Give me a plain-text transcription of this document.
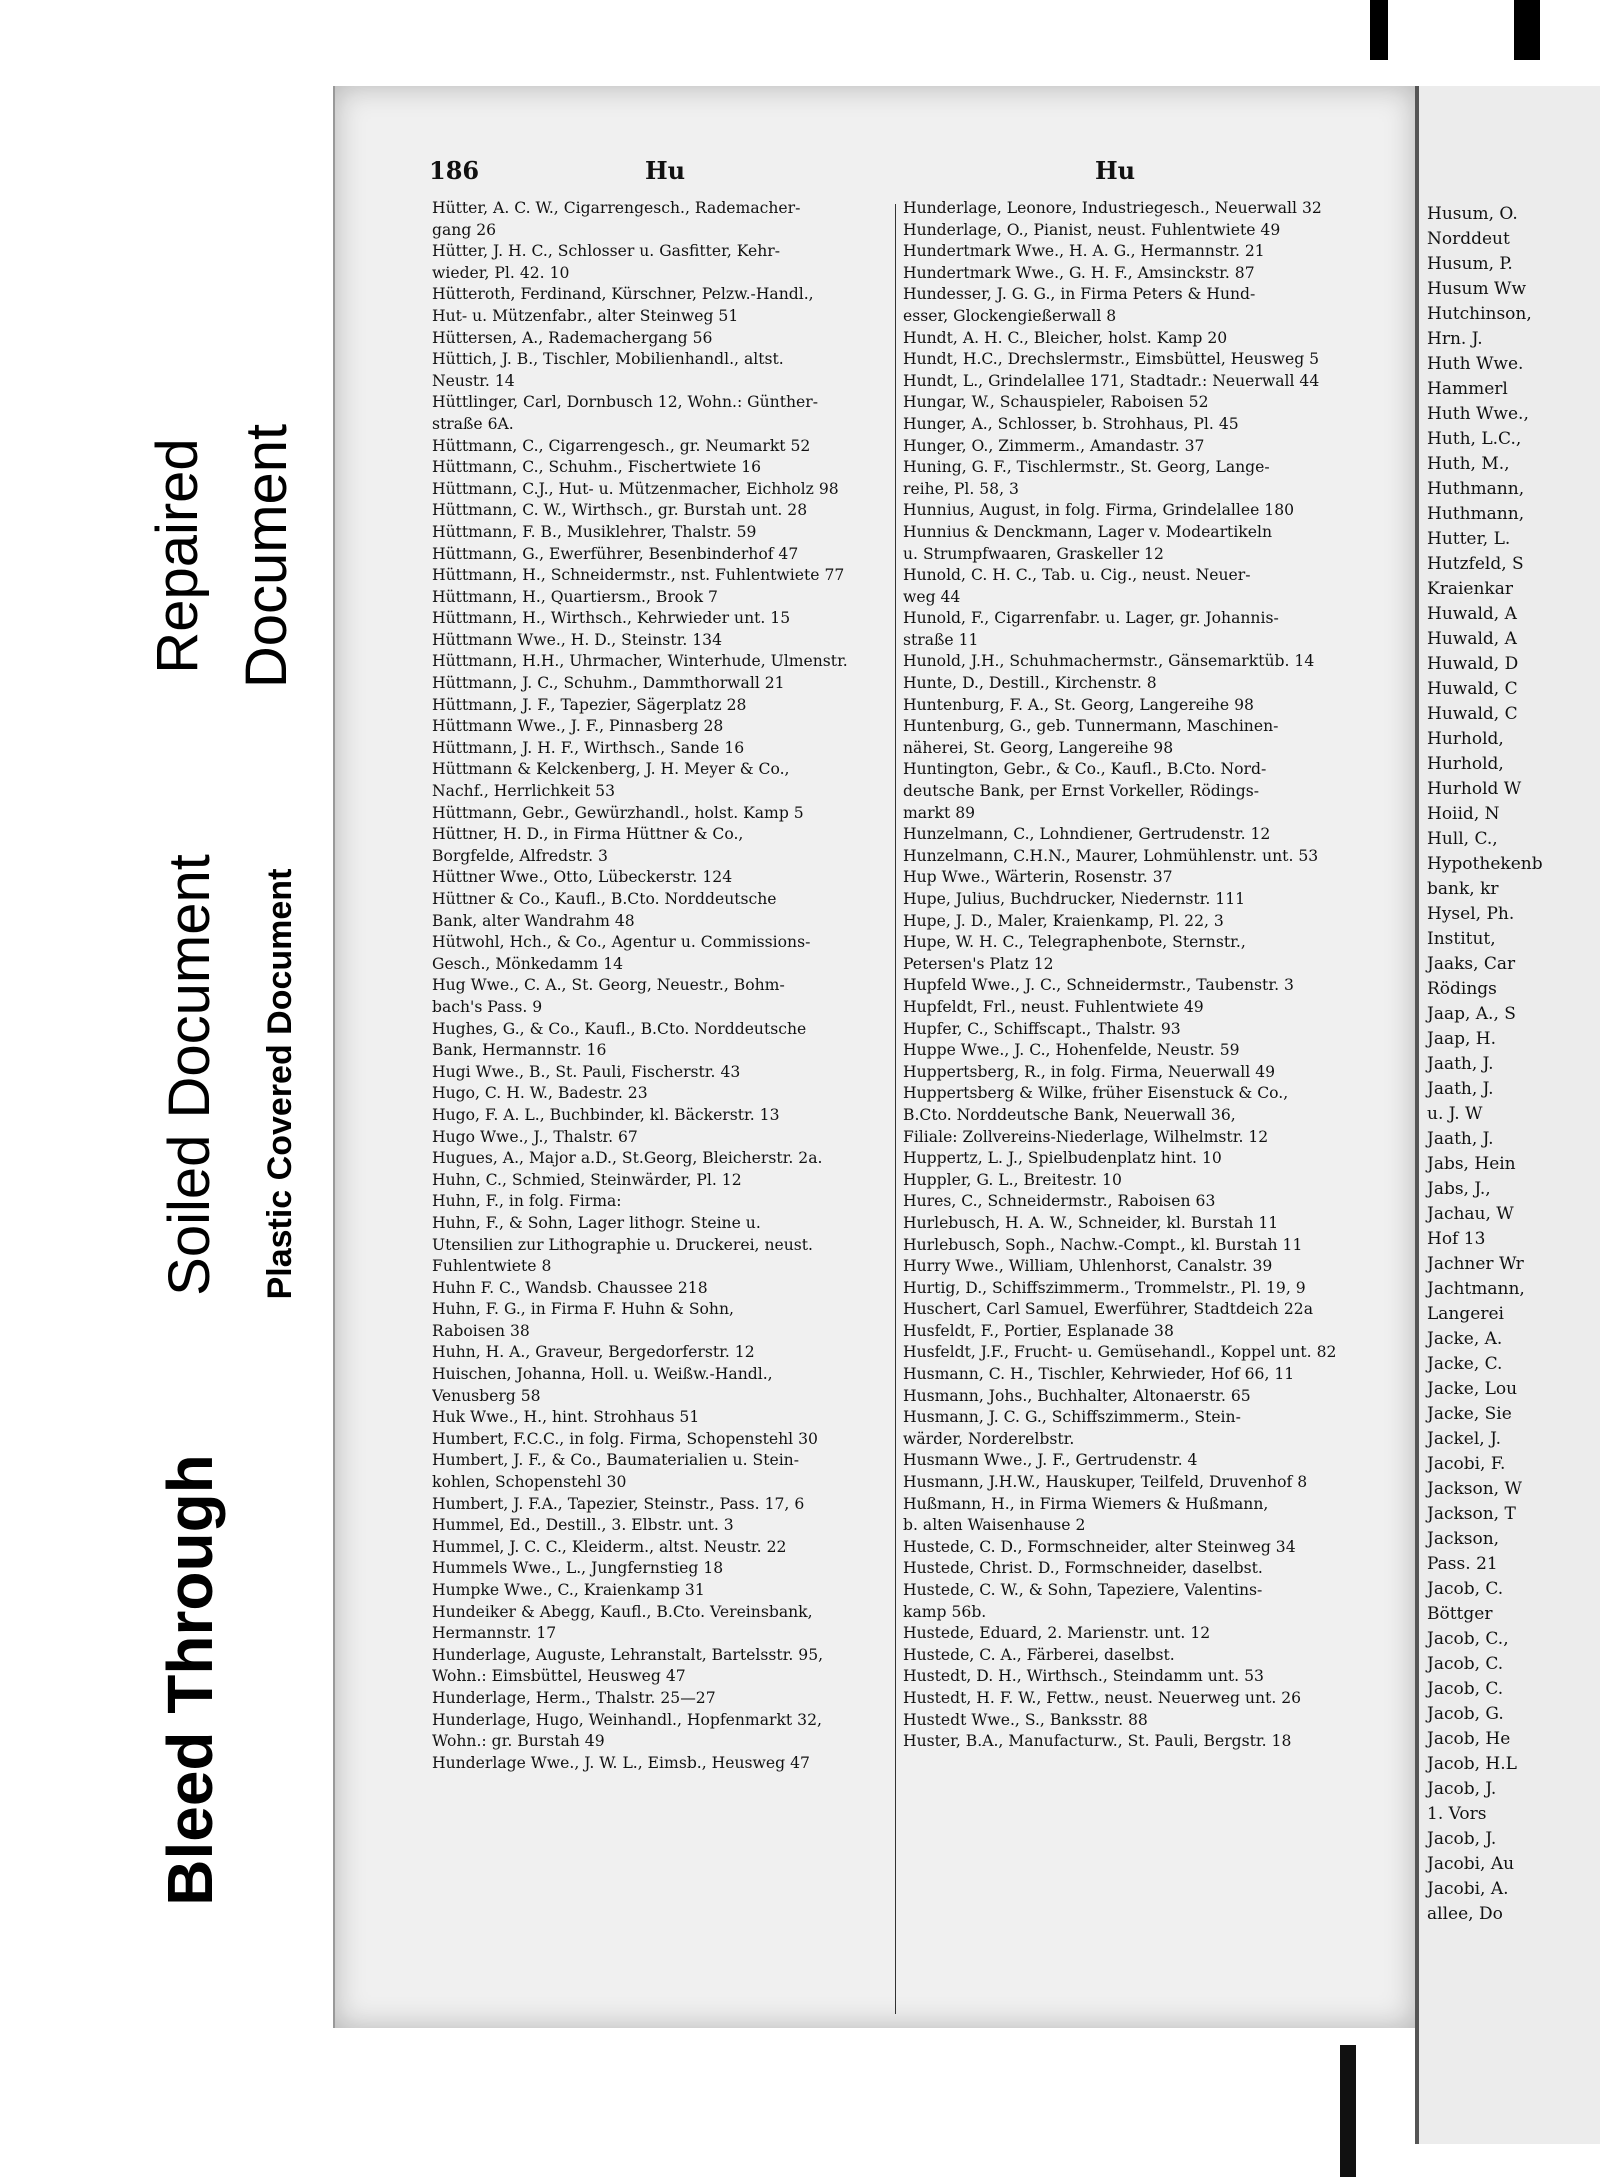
Bleed Through
Soiled Document Plastic Covered Document
Repaired Document
186	Hu	Hu
Hütter, A. C. W., Cigarrengesch., Rademacher-
gang 26
Hütter, J. H. C., Schlosser u. Gasfitter, Kehr-
wieder, Pl. 42. 10
Hütteroth, Ferdinand, Kürschner, Pelzw.-Handl.,
Hut- u. Mützenfabr., alter Steinweg 51
Hüttersen, A., Rademachergang 56
Hüttich, J. B., Tischler, Mobilienhandl., altst.
Neustr. 14
Hüttlinger, Carl, Dornbusch 12, Wohn.: Günther-
straße 6A.
Hüttmann, C., Cigarrengesch., gr. Neumarkt 52
Hüttmann, C., Schuhm., Fischertwiete 16
Hüttmann, C.J., Hut- u. Mützenmacher, Eichholz 98
Hüttmann, C. W., Wirthsch., gr. Burstah unt. 28
Hüttmann, F. B., Musiklehrer, Thalstr. 59
Hüttmann, G., Ewerführer, Besenbinderhof 47
Hüttmann, H., Schneidermstr., nst. Fuhlentwiete 77
Hüttmann, H., Quartiersm., Brook 7
Hüttmann, H., Wirthsch., Kehrwieder unt. 15
Hüttmann Wwe., H. D., Steinstr. 134
Hüttmann, H.H., Uhrmacher, Winterhude, Ulmenstr.
Hüttmann, J. C., Schuhm., Dammthorwall 21
Hüttmann, J. F., Tapezier, Sägerplatz 28
Hüttmann Wwe., J. F., Pinnasberg 28
Hüttmann, J. H. F., Wirthsch., Sande 16
Hüttmann & Kelckenberg, J. H. Meyer & Co.,
Nachf., Herrlichkeit 53
Hüttmann, Gebr., Gewürzhandl., holst. Kamp 5
Hüttner, H. D., in Firma Hüttner & Co.,
Borgfelde, Alfredstr. 3
Hüttner Wwe., Otto, Lübeckerstr. 124
Hüttner & Co., Kaufl., B.Cto. Norddeutsche
Bank, alter Wandrahm 48
Hütwohl, Hch., & Co., Agentur u. Commissions-
Gesch., Mönkedamm 14
Hug Wwe., C. A., St. Georg, Neuestr., Bohm-
bach's Pass. 9
Hughes, G., & Co., Kaufl., B.Cto. Norddeutsche
Bank, Hermannstr. 16
Hugi Wwe., B., St. Pauli, Fischerstr. 43
Hugo, C. H. W., Badestr. 23
Hugo, F. A. L., Buchbinder, kl. Bäckerstr. 13
Hugo Wwe., J., Thalstr. 67
Hugues, A., Major a.D., St.Georg, Bleicherstr. 2a.
Huhn, C., Schmied, Steinwärder, Pl. 12
Huhn, F., in folg. Firma:
Huhn, F., & Sohn, Lager lithogr. Steine u.
Utensilien zur Lithographie u. Druckerei, neust.
Fuhlentwiete 8
Huhn F. C., Wandsb. Chaussee 218
Huhn, F. G., in Firma F. Huhn & Sohn,
Raboisen 38
Huhn, H. A., Graveur, Bergedorferstr. 12
Huischen, Johanna, Holl. u. Weißw.-Handl.,
Venusberg 58
Huk Wwe., H., hint. Strohhaus 51
Humbert, F.C.C., in folg. Firma, Schopenstehl 30
Humbert, J. F., & Co., Baumaterialien u. Stein-
kohlen, Schopenstehl 30
Humbert, J. F.A., Tapezier, Steinstr., Pass. 17, 6
Hummel, Ed., Destill., 3. Elbstr. unt. 3
Hummel, J. C. C., Kleiderm., altst. Neustr. 22
Hummels Wwe., L., Jungfernstieg 18
Humpke Wwe., C., Kraienkamp 31
Hundeiker & Abegg, Kaufl., B.Cto. Vereinsbank,
Hermannstr. 17
Hunderlage, Auguste, Lehranstalt, Bartelsstr. 95,
Wohn.: Eimsbüttel, Heusweg 47
Hunderlage, Herm., Thalstr. 25—27
Hunderlage, Hugo, Weinhandl., Hopfenmarkt 32,
Wohn.: gr. Burstah 49
Hunderlage Wwe., J. W. L., Eimsb., Heusweg 47
Hunderlage, Leonore, Industriegesch., Neuerwall 32
Hunderlage, O., Pianist, neust. Fuhlentwiete 49
Hundertmark Wwe., H. A. G., Hermannstr. 21
Hundertmark Wwe., G. H. F., Amsinckstr. 87
Hundesser, J. G. G., in Firma Peters & Hund-
esser, Glockengießerwall 8
Hundt, A. H. C., Bleicher, holst. Kamp 20
Hundt, H.C., Drechslermstr., Eimsbüttel, Heusweg 5
Hundt, L., Grindelallee 171, Stadtadr.: Neuerwall 44
Hungar, W., Schauspieler, Raboisen 52
Hunger, A., Schlosser, b. Strohhaus, Pl. 45
Hunger, O., Zimmerm., Amandastr. 37
Huning, G. F., Tischlermstr., St. Georg, Lange-
reihe, Pl. 58, 3
Hunnius, August, in folg. Firma, Grindelallee 180
Hunnius & Denckmann, Lager v. Modeartikeln
u. Strumpfwaaren, Graskeller 12
Hunold, C. H. C., Tab. u. Cig., neust. Neuer-
weg 44
Hunold, F., Cigarrenfabr. u. Lager, gr. Johannis-
straße 11
Hunold, J.H., Schuhmachermstr., Gänsemarktüb. 14
Hunte, D., Destill., Kirchenstr. 8
Huntenburg, F. A., St. Georg, Langereihe 98
Huntenburg, G., geb. Tunnermann, Maschinen-
näherei, St. Georg, Langereihe 98
Huntington, Gebr., & Co., Kaufl., B.Cto. Nord-
deutsche Bank, per Ernst Vorkeller, Rödings-
markt 89
Hunzelmann, C., Lohndiener, Gertrudenstr. 12
Hunzelmann, C.H.N., Maurer, Lohmühlenstr. unt. 53
Hup Wwe., Wärterin, Rosenstr. 37
Hupe, Julius, Buchdrucker, Niedernstr. 111
Hupe, J. D., Maler, Kraienkamp, Pl. 22, 3
Hupe, W. H. C., Telegraphenbote, Sternstr.,
Petersen's Platz 12
Hupfeld Wwe., J. C., Schneidermstr., Taubenstr. 3
Hupfeldt, Frl., neust. Fuhlentwiete 49
Hupfer, C., Schiffscapt., Thalstr. 93
Huppe Wwe., J. C., Hohenfelde, Neustr. 59
Huppertsberg, R., in folg. Firma, Neuerwall 49
Huppertsberg & Wilke, früher Eisenstuck & Co.,
B.Cto. Norddeutsche Bank, Neuerwall 36,
Filiale: Zollvereins-Niederlage, Wilhelmstr. 12
Huppertz, L. J., Spielbudenplatz hint. 10
Huppler, G. L., Breitestr. 10
Hures, C., Schneidermstr., Raboisen 63
Hurlebusch, H. A. W., Schneider, kl. Burstah 11
Hurlebusch, Soph., Nachw.-Compt., kl. Burstah 11
Hurry Wwe., William, Uhlenhorst, Canalstr. 39
Hurtig, D., Schiffszimmerm., Trommelstr., Pl. 19, 9
Huschert, Carl Samuel, Ewerführer, Stadtdeich 22a
Husfeldt, F., Portier, Esplanade 38
Husfeldt, J.F., Frucht- u. Gemüsehandl., Koppel unt. 82
Husmann, C. H., Tischler, Kehrwieder, Hof 66, 11
Husmann, Johs., Buchhalter, Altonaerstr. 65
Husmann, J. C. G., Schiffszimmerm., Stein-
wärder, Norderelbstr.
Husmann Wwe., J. F., Gertrudenstr. 4
Husmann, J.H.W., Hauskuper, Teilfeld, Druvenhof 8
Hußmann, H., in Firma Wiemers & Hußmann,
b. alten Waisenhause 2
Hustede, C. D., Formschneider, alter Steinweg 34
Hustede, Christ. D., Formschneider, daselbst.
Hustede, C. W., & Sohn, Tapeziere, Valentins-
kamp 56b.
Hustede, Eduard, 2. Marienstr. unt. 12
Hustede, C. A., Färberei, daselbst.
Hustedt, D. H., Wirthsch., Steindamm unt. 53
Hustedt, H. F. W., Fettw., neust. Neuerweg unt. 26
Hustedt Wwe., S., Banksstr. 88
Huster, B.A., Manufacturw., St. Pauli, Bergstr. 18
Husum, O.
Norddeut
Husum, P.
Husum Ww
Hutchinson,
Hrn. J.
Huth Wwe.
Hammerl
Huth Wwe.,
Huth, L.C.,
Huth, M.,
Huthmann,
Huthmann,
Hutter, L.
Hutzfeld, S
Kraienkar
Huwald, A
Huwald, A
Huwald, D
Huwald, C
Huwald, C
Hurhold,
Hurhold,
Hurhold W
Hoiid, N
Hull, C.,
Hypothekenb
bank, kr
Hysel, Ph.
Institut,
Jaaks, Car
Rödings
Jaap, A., S
Jaap, H.
Jaath, J.
Jaath, J.
u. J. W
Jaath, J.
Jabs, Hein
Jabs, J.,
Jachau, W
Hof 13
Jachner Wr
Jachtmann,
Langerei
Jacke, A.
Jacke, C.
Jacke, Lou
Jacke, Sie
Jackel, J.
Jacobi, F.
Jackson, W
Jackson, T
Jackson,
Pass. 21
Jacob, C.
Böttger
Jacob, C.,
Jacob, C.
Jacob, C.
Jacob, G.
Jacob, He
Jacob, H.L
Jacob, J.
1. Vors
Jacob, J.
Jacobi, Au
Jacobi, A.
allee, Do
